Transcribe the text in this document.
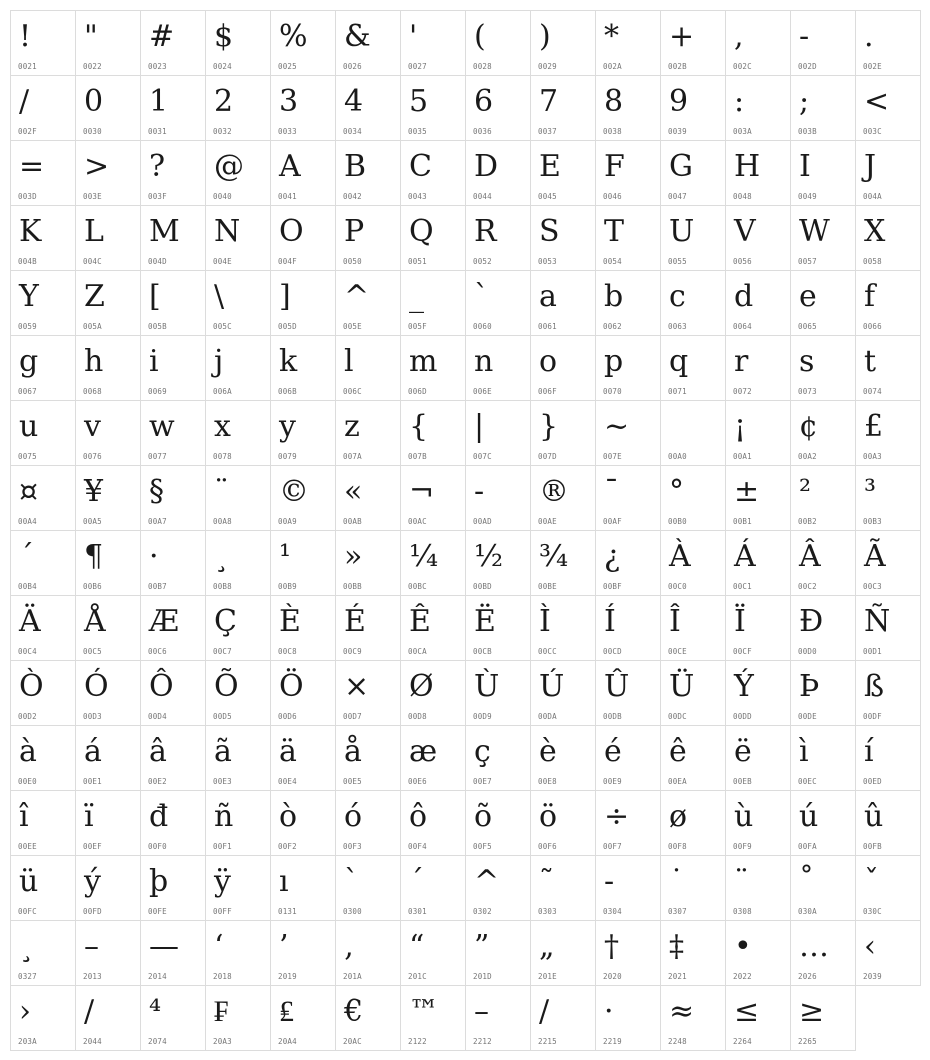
!
0021
"
0022
#
0023
$
0024
%
0025
&
0026
'
0027
(
0028
)
0029
*
002A
+
002B
,
002C
-
002D
.
002E
/
002F
0
0030
1
0031
2
0032
3
0033
4
0034
5
0035
6
0036
7
0037
8
0038
9
0039
:
003A
;
003B
<
003C
=
003D
>
003E
?
003F
@
0040
A
0041
B
0042
C
0043
D
0044
E
0045
F
0046
G
0047
H
0048
I
0049
J
004A
K
004B
L
004C
M
004D
N
004E
O
004F
P
0050
Q
0051
R
0052
S
0053
T
0054
U
0055
V
0056
W
0057
X
0058
Y
0059
Z
005A
[
005B
\
005C
]
005D
^
005E
_
005F
`
0060
a
0061
b
0062
c
0063
d
0064
e
0065
f
0066
g
0067
h
0068
i
0069
j
006A
k
006B
l
006C
m
006D
n
006E
o
006F
p
0070
q
0071
r
0072
s
0073
t
0074
u
0075
v
0076
w
0077
x
0078
y
0079
z
007A
{
007B
|
007C
}
007D
~
007E	00A0
¡
00A1
¢
00A2
£
00A3
¤
00A4
¥
00A5
§
00A7
¨
00A8
©
00A9
«
00AB
¬
00AC
-
00AD
®
00AE
¯
00AF
°
00B0
±
00B1
²
00B2
³
00B3
´
00B4
¶
00B6
·
00B7
¸
00B8
¹
00B9
»
00BB
¼
00BC
½
00BD
¾
00BE
¿
00BF
À
00C0
Á
00C1
Â
00C2
Ã
00C3
Ä
00C4
Å
00C5
Æ
00C6
Ç
00C7
È
00C8
É
00C9
Ê
00CA
Ë
00CB
Ì
00CC
Í
00CD
Î
00CE
Ï
00CF
Ð
00D0
Ñ
00D1
Ò
00D2
Ó
00D3
Ô
00D4
Õ
00D5
Ö
00D6
×
00D7
Ø
00D8
Ù
00D9
Ú
00DA
Û
00DB
Ü
00DC
Ý
00DD
Þ
00DE
ß
00DF
à
00E0
á
00E1
â
00E2
ã
00E3
ä
00E4
å
00E5
æ
00E6
ç
00E7
è
00E8
é
00E9
ê
00EA
ë
00EB
ì
00EC
í
00ED
î
00EE
ï
00EF
đ
00F0
ñ
00F1
ò
00F2
ó
00F3
ô
00F4
õ
00F5
ö
00F6
÷
00F7
ø
00F8
ù
00F9
ú
00FA
û
00FB
ü
00FC
ý
00FD
þ
00FE
ÿ
00FF
ı
0131
`
0300
´
0301
^
0302
˜
0303
-
0304
˙
0307
¨
0308
˚
030A
ˇ
030C
¸
0327
–
2013
—
2014
‘
2018
’
2019
‚
201A
“
201C
”
201D
„
201E
†
2020
‡
2021
•
2022
…
2026
‹
2039
›
203A
/
2044
⁴
2074
₣
20A3
₤
20A4
€
20AC
™
2122
–
2212
/
2215
·
2219
≈
2248
≤
2264
≥
2265
